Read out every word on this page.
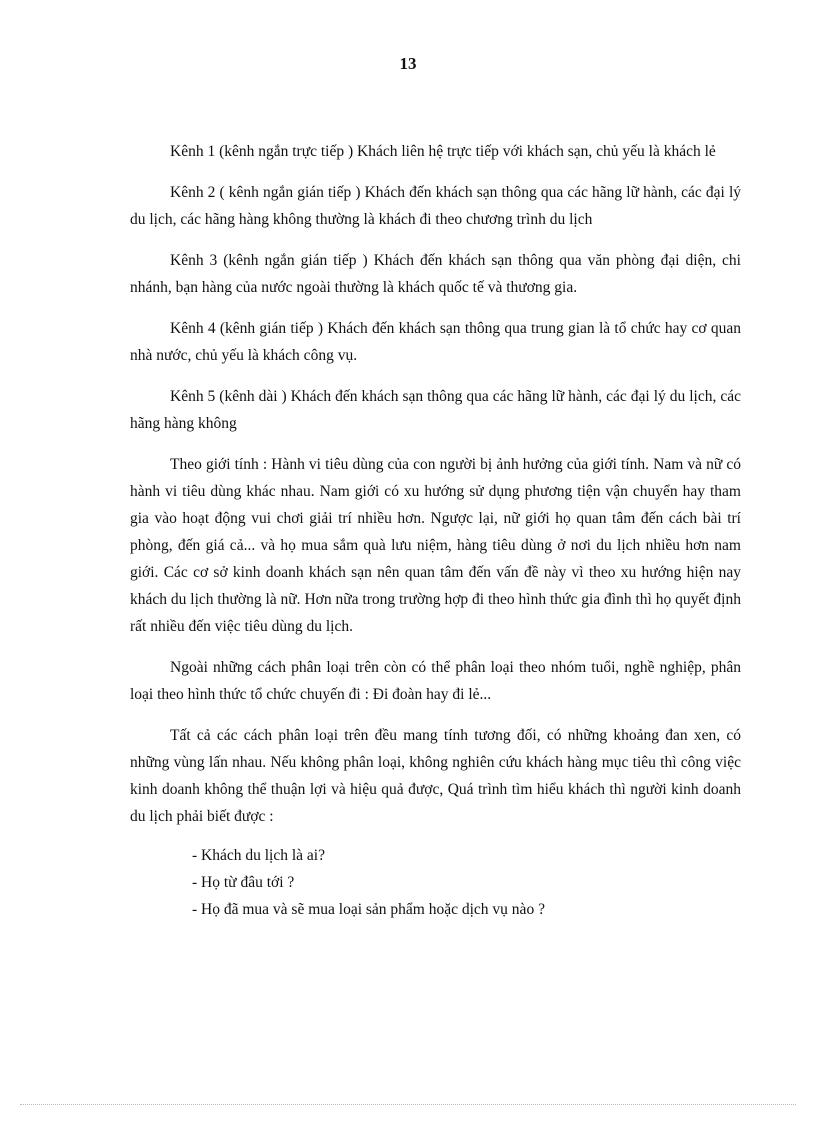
13

Kênh 1 (kênh ngắn trực tiếp ) Khách liên hệ trực tiếp với khách sạn, chủ yếu là khách lẻ

Kênh 2 ( kênh ngắn gián tiếp ) Khách đến khách sạn thông qua các hãng lữ hành, các đại lý du lịch, các hãng hàng không thường là khách đi theo chương trình du lịch

Kênh 3 (kênh ngắn gián tiếp ) Khách đến khách sạn thông qua văn phòng đại diện, chi nhánh, bạn hàng của nước ngoài thường là khách quốc tế và thương gia.

Kênh 4 (kênh gián tiếp ) Khách đến khách sạn thông qua trung gian là tổ chức hay cơ quan nhà nước, chủ yếu là khách công vụ.

Kênh 5 (kênh dài ) Khách đến khách sạn thông qua các hãng lữ hành, các đại lý du lịch, các hãng hàng không

Theo giới tính : Hành vi tiêu dùng của con người bị ảnh hưởng của giới tính. Nam và nữ có hành vi tiêu dùng khác nhau. Nam giới có xu hướng sử dụng phương tiện vận chuyển hay tham gia vào hoạt động vui chơi giải trí nhiều hơn. Ngược lại, nữ giới họ quan tâm đến cách bài trí phòng, đến giá cả... và họ mua sắm quà lưu niệm, hàng tiêu dùng ở nơi du lịch nhiều hơn nam giới. Các cơ sở kinh doanh khách sạn nên quan tâm đến vấn đề này vì theo xu hướng hiện nay khách du lịch thường là nữ. Hơn nữa trong trường hợp đi theo hình thức gia đình thì họ quyết định rất nhiều đến việc tiêu dùng du lịch.

Ngoài những cách phân loại trên còn có thể phân loại theo nhóm tuổi, nghề nghiệp, phân loại theo hình thức tổ chức chuyến đi : Đi đoàn hay đi lẻ...

Tất cả các cách phân loại trên đều mang tính tương đối, có những khoảng đan xen, có những vùng lấn nhau. Nếu không phân loại, không nghiên cứu khách hàng mục tiêu thì công việc kinh doanh không thể thuận lợi và hiệu quả được, Quá trình tìm hiểu khách thì người kinh doanh du lịch phải biết được :

- Khách du lịch là ai?
- Họ từ đâu tới ?
- Họ đã mua và sẽ mua loại sản phẩm hoặc dịch vụ nào ?
